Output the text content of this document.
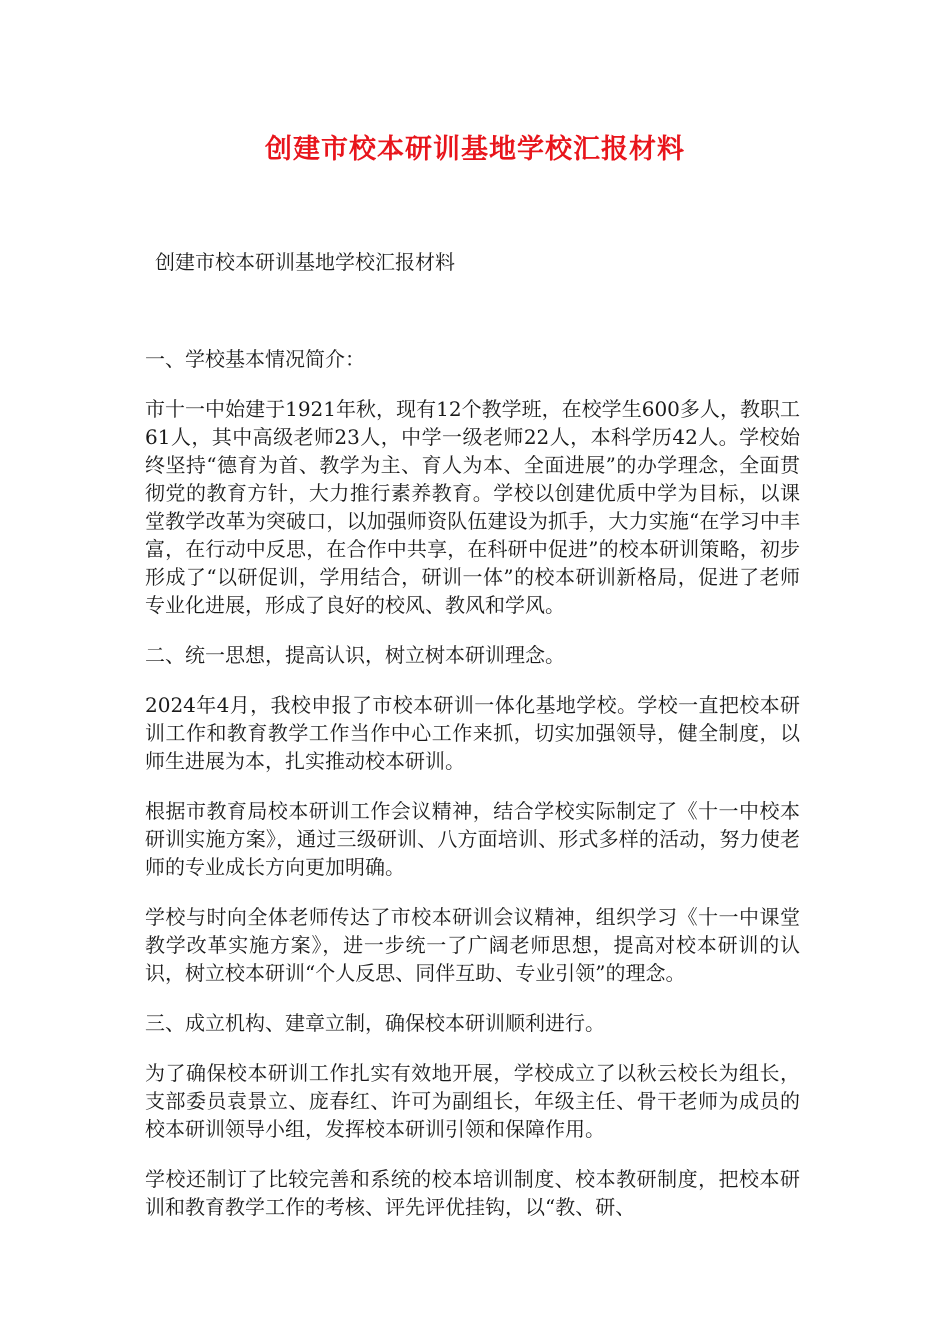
创建市校本研训基地学校汇报材料

创建市校本研训基地学校汇报材料

一、学校基本情况简介：

市十一中始建于1921年秋，现有12个教学班，在校学生600多人，教职工61人，其中高级老师23人，中学一级老师22人，本科学历42人。学校始终坚持“德育为首、教学为主、育人为本、全面进展”的办学理念，全面贯彻党的教育方针，大力推行素养教育。学校以创建优质中学为目标，以课堂教学改革为突破口，以加强师资队伍建设为抓手，大力实施“在学习中丰富，在行动中反思，在合作中共享，在科研中促进”的校本研训策略，初步形成了“以研促训，学用结合，研训一体”的校本研训新格局，促进了老师专业化进展，形成了良好的校风、教风和学风。

二、统一思想，提高认识，树立树本研训理念。

2024年4月，我校申报了市校本研训一体化基地学校。学校一直把校本研训工作和教育教学工作当作中心工作来抓，切实加强领导，健全制度，以师生进展为本，扎实推动校本研训。

根据市教育局校本研训工作会议精神，结合学校实际制定了《十一中校本研训实施方案》，通过三级研训、八方面培训、形式多样的活动，努力使老师的专业成长方向更加明确。

学校与时向全体老师传达了市校本研训会议精神，组织学习《十一中课堂教学改革实施方案》，进一步统一了广阔老师思想，提高对校本研训的认识，树立校本研训“个人反思、同伴互助、专业引领”的理念。

三、成立机构、建章立制，确保校本研训顺利进行。

为了确保校本研训工作扎实有效地开展，学校成立了以秋云校长为组长，支部委员袁景立、庞春红、许可为副组长，年级主任、骨干老师为成员的校本研训领导小组，发挥校本研训引领和保障作用。

学校还制订了比较完善和系统的校本培训制度、校本教研制度，把校本研训和教育教学工作的考核、评先评优挂钩，以“教、研、
